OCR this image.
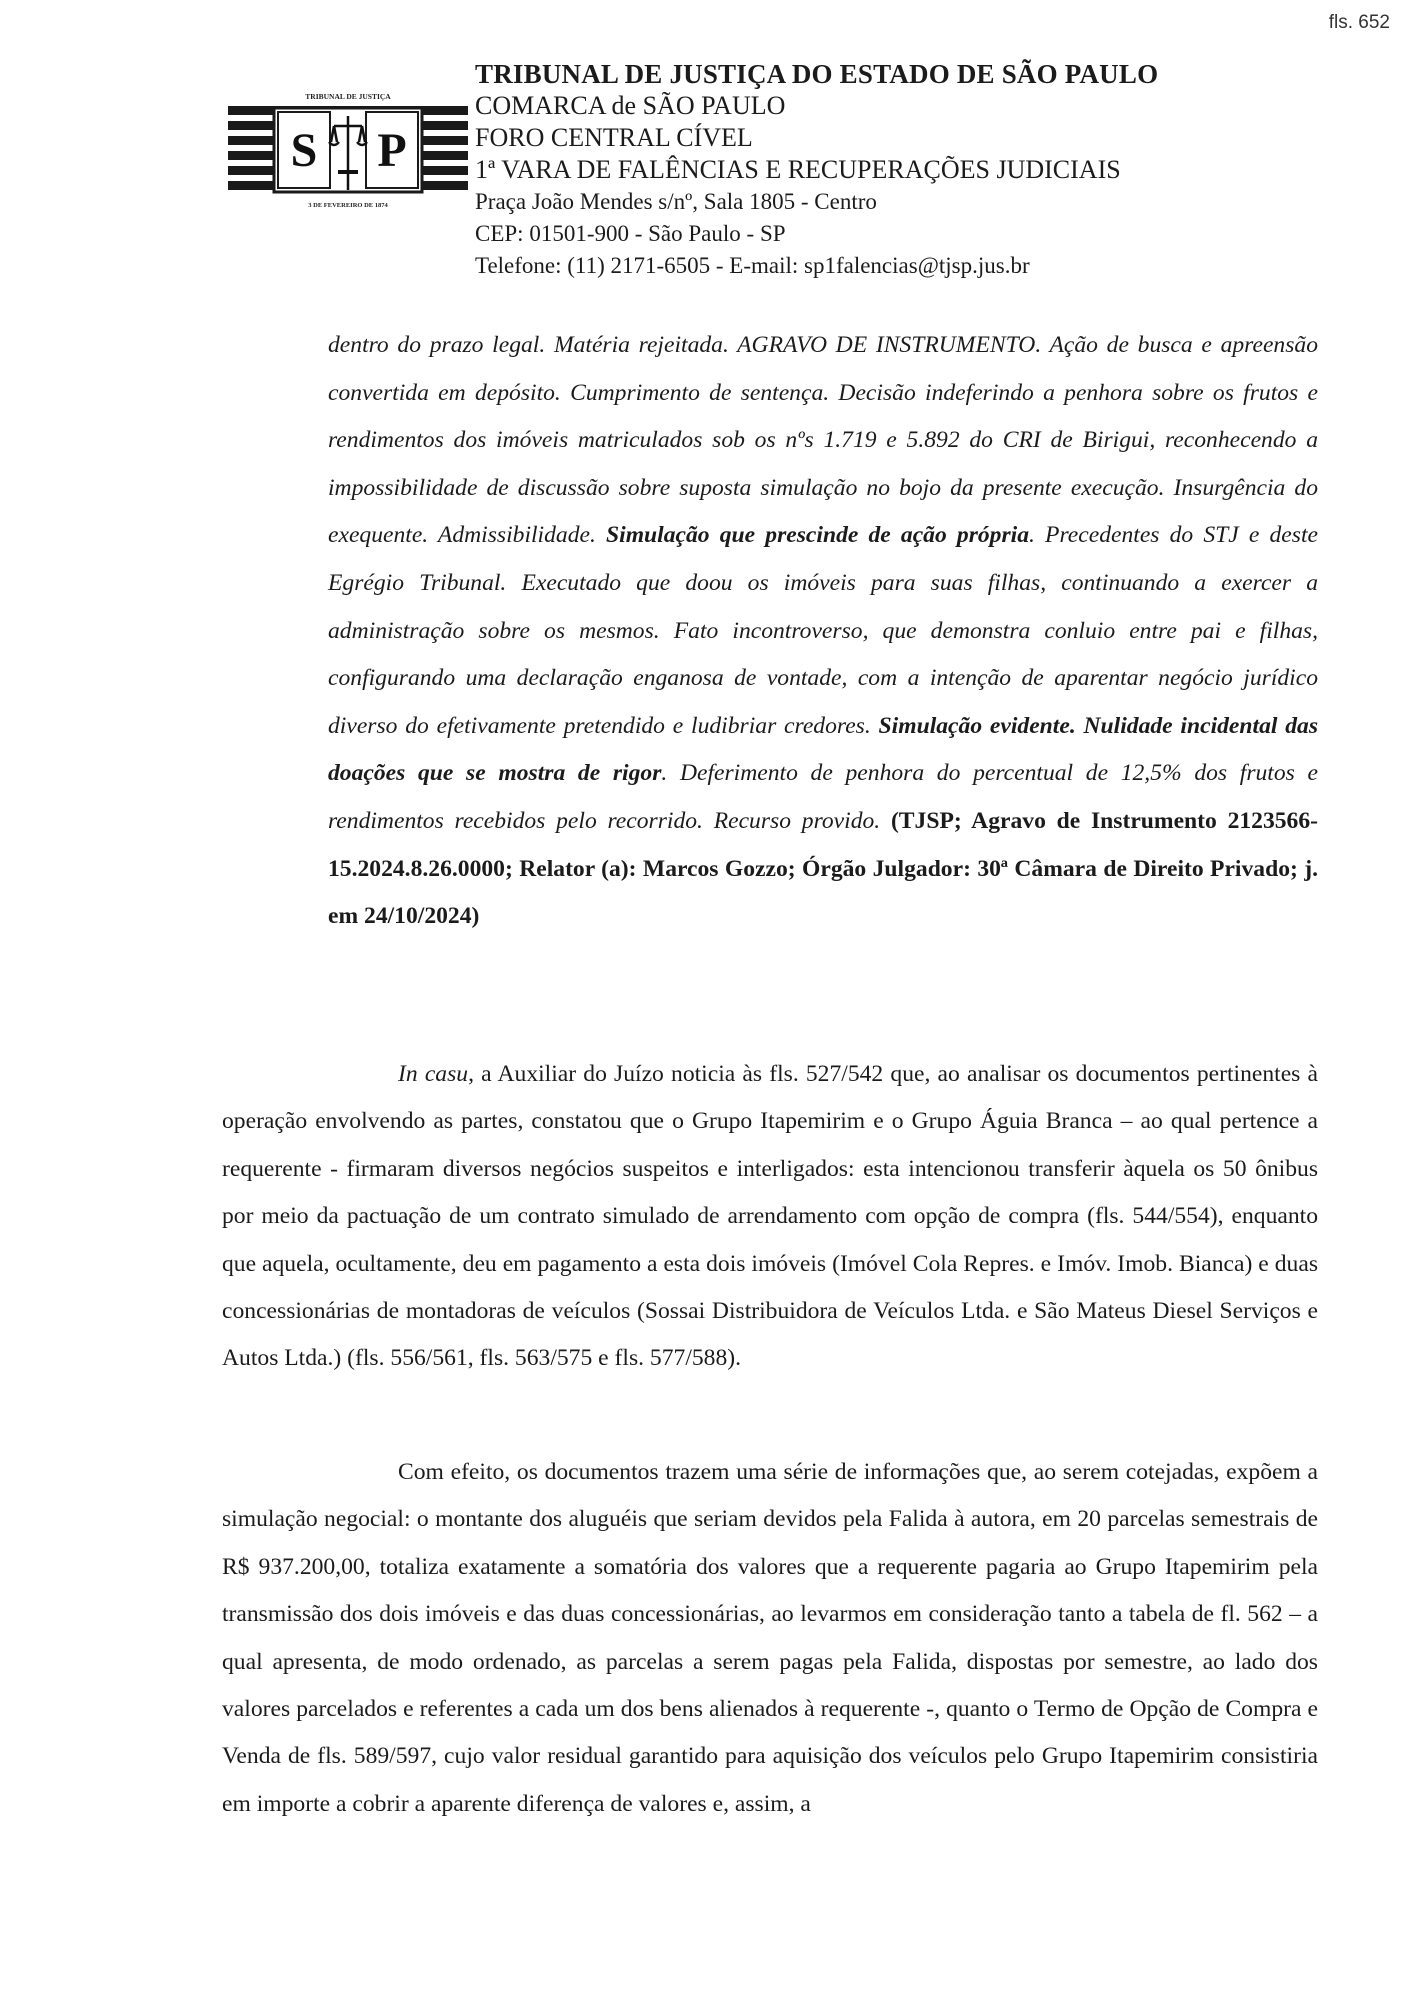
fls. 652
TRIBUNAL DE JUSTIÇA
S P
3 DE FEVEREIRO DE 1874
TRIBUNAL DE JUSTIÇA DO ESTADO DE SÃO PAULO
COMARCA de SÃO PAULO
FORO CENTRAL CÍVEL
1ª VARA DE FALÊNCIAS E RECUPERAÇÕES JUDICIAIS
Praça João Mendes s/nº, Sala 1805 - Centro
CEP: 01501-900 - São Paulo - SP
Telefone: (11) 2171-6505 - E-mail: sp1falencias@tjsp.jus.br
dentro do prazo legal. Matéria rejeitada. AGRAVO DE INSTRUMENTO. Ação de busca e apreensão convertida em depósito. Cumprimento de sentença. Decisão indeferindo a penhora sobre os frutos e rendimentos dos imóveis matriculados sob os nºs 1.719 e 5.892 do CRI de Birigui, reconhecendo a impossibilidade de discussão sobre suposta simulação no bojo da presente execução. Insurgência do exequente. Admissibilidade. Simulação que prescinde de ação própria. Precedentes do STJ e deste Egrégio Tribunal. Executado que doou os imóveis para suas filhas, continuando a exercer a administração sobre os mesmos. Fato incontroverso, que demonstra conluio entre pai e filhas, configurando uma declaração enganosa de vontade, com a intenção de aparentar negócio jurídico diverso do efetivamente pretendido e ludibriar credores. Simulação evidente. Nulidade incidental das doações que se mostra de rigor. Deferimento de penhora do percentual de 12,5% dos frutos e rendimentos recebidos pelo recorrido. Recurso provido. (TJSP; Agravo de Instrumento 2123566-15.2024.8.26.0000; Relator (a): Marcos Gozzo; Órgão Julgador: 30ª Câmara de Direito Privado; j. em 24/10/2024)
In casu, a Auxiliar do Juízo noticia às fls. 527/542 que, ao analisar os documentos pertinentes à operação envolvendo as partes, constatou que o Grupo Itapemirim e o Grupo Águia Branca – ao qual pertence a requerente - firmaram diversos negócios suspeitos e interligados: esta intencionou transferir àquela os 50 ônibus por meio da pactuação de um contrato simulado de arrendamento com opção de compra (fls. 544/554), enquanto que aquela, ocultamente, deu em pagamento a esta dois imóveis (Imóvel Cola Repres. e Imóv. Imob. Bianca) e duas concessionárias de montadoras de veículos (Sossai Distribuidora de Veículos Ltda. e São Mateus Diesel Serviços e Autos Ltda.) (fls. 556/561, fls. 563/575 e fls. 577/588).
Com efeito, os documentos trazem uma série de informações que, ao serem cotejadas, expõem a simulação negocial: o montante dos aluguéis que seriam devidos pela Falida à autora, em 20 parcelas semestrais de R$ 937.200,00, totaliza exatamente a somatória dos valores que a requerente pagaria ao Grupo Itapemirim pela transmissão dos dois imóveis e das duas concessionárias, ao levarmos em consideração tanto a tabela de fl. 562 – a qual apresenta, de modo ordenado, as parcelas a serem pagas pela Falida, dispostas por semestre, ao lado dos valores parcelados e referentes a cada um dos bens alienados à requerente -, quanto o Termo de Opção de Compra e Venda de fls. 589/597, cujo valor residual garantido para aquisição dos veículos pelo Grupo Itapemirim consistiria em importe a cobrir a aparente diferença de valores e, assim, a
